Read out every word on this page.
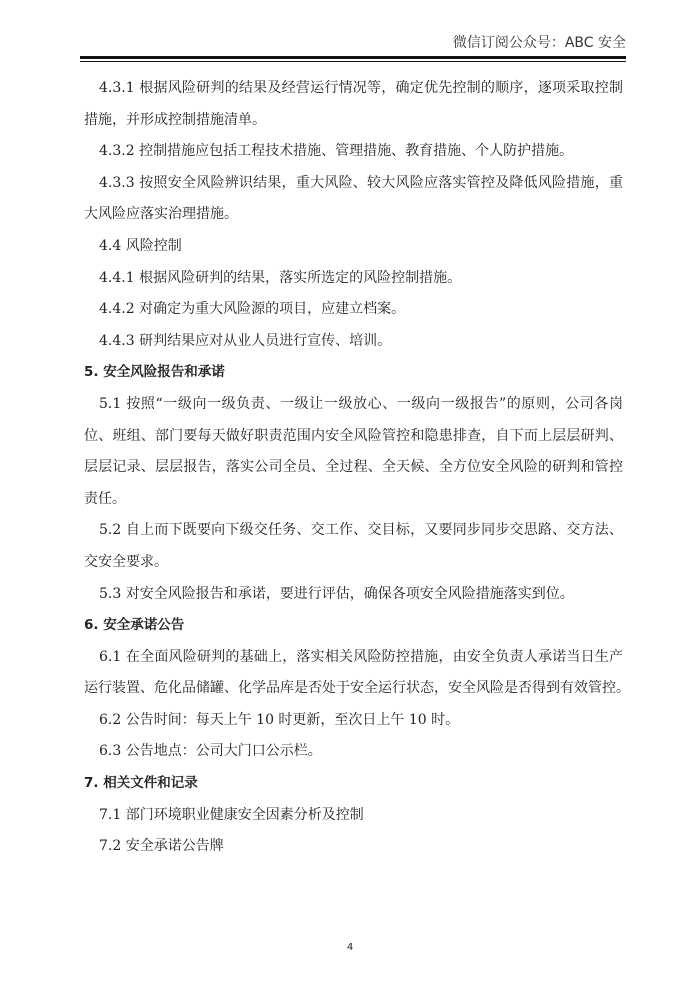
微信订阅公众号：ABC 安全
4.3.1 根据风险研判的结果及经营运行情况等，确定优先控制的顺序，逐项采取控制
措施，并形成控制措施清单。
4.3.2 控制措施应包括工程技术措施、管理措施、教育措施、个人防护措施。
4.3.3 按照安全风险辨识结果，重大风险、较大风险应落实管控及降低风险措施，重
大风险应落实治理措施。
4.4 风险控制
4.4.1 根据风险研判的结果，落实所选定的风险控制措施。
4.4.2 对确定为重大风险源的项目，应建立档案。
4.4.3 研判结果应对从业人员进行宣传、培训。
5. 安全风险报告和承诺
5.1 按照“一级向一级负责、一级让一级放心、一级向一级报告”的原则，公司各岗
位、班组、部门要每天做好职责范围内安全风险管控和隐患排查，自下而上层层研判、
层层记录、层层报告，落实公司全员、全过程、全天候、全方位安全风险的研判和管控
责任。
5.2 自上而下既要向下级交任务、交工作、交目标，又要同步同步交思路、交方法、
交安全要求。
5.3 对安全风险报告和承诺，要进行评估，确保各项安全风险措施落实到位。
6. 安全承诺公告
6.1 在全面风险研判的基础上，落实相关风险防控措施，由安全负责人承诺当日生产
运行装置、危化品储罐、化学品库是否处于安全运行状态，安全风险是否得到有效管控。
6.2 公告时间：每天上午 10 时更新，至次日上午 10 时。
6.3 公告地点：公司大门口公示栏。
7. 相关文件和记录
7.1 部门环境职业健康安全因素分析及控制
7.2 安全承诺公告牌
4
